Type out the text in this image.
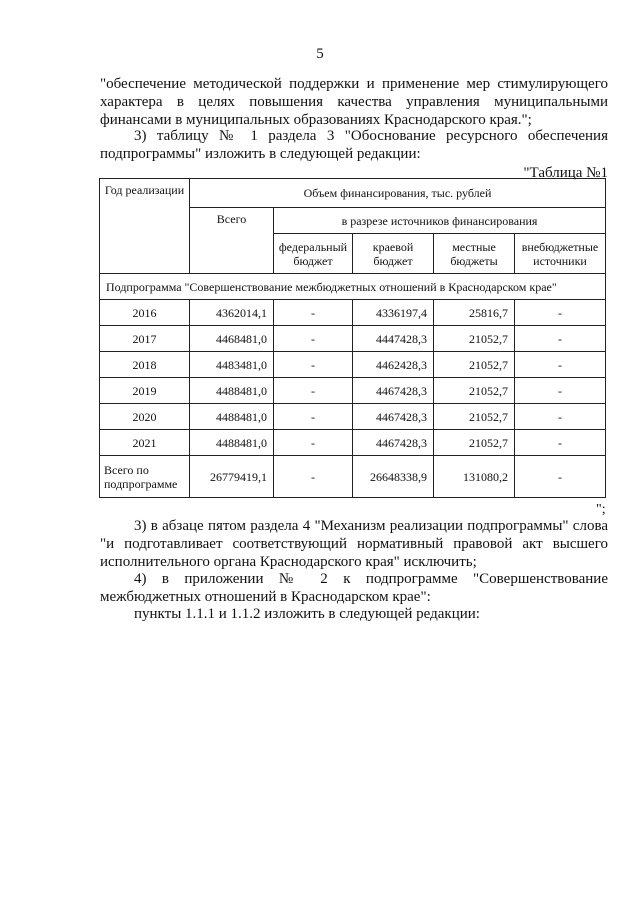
5
"обеспечение методической поддержки и применение мер стимулирующего характера в целях повышения качества управления муниципальными финансами в муниципальных образованиях Краснодарского края.";
3) таблицу № 1 раздела 3 "Обоснование ресурсного обеспечения подпрограммы" изложить в следующей редакции:
"Таблица №1
Год реализации	Объем финансирования, тыс. рублей				
	Всего	в разрезе источников финансирования			
		федеральный бюджет	краевой бюджет	местные бюджеты	внебюджетные источники
Подпрограмма "Совершенствование межбюджетных отношений в Краснодарском крае"					
2016	4362014,1	-	4336197,4	25816,7	-
2017	4468481,0	-	4447428,3	21052,7	-
2018	4483481,0	-	4462428,3	21052,7	-
2019	4488481,0	-	4467428,3	21052,7	-
2020	4488481,0	-	4467428,3	21052,7	-
2021	4488481,0	-	4467428,3	21052,7	-
Всего по подпрограмме	26779419,1	-	26648338,9	131080,2	-
";
3) в абзаце пятом раздела 4 "Механизм реализации подпрограммы" слова "и подготавливает соответствующий нормативный правовой акт высшего исполнительного органа Краснодарского края" исключить;
4) в приложении № 2 к подпрограмме "Совершенствование межбюджетных отношений в Краснодарском крае":
пункты 1.1.1 и 1.1.2 изложить в следующей редакции:
